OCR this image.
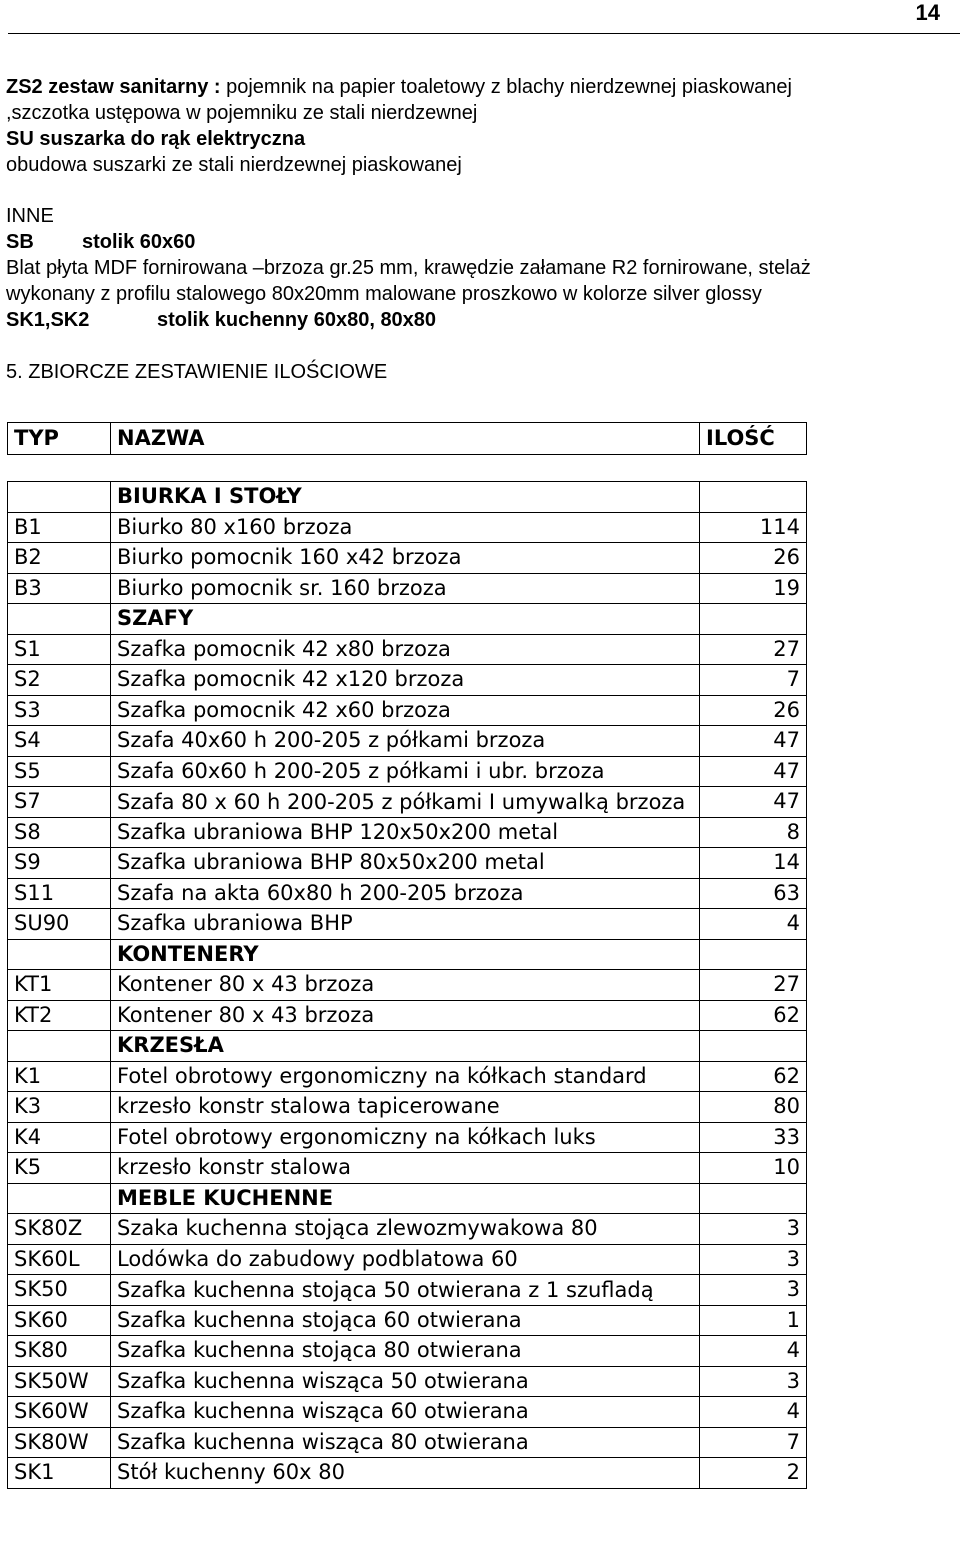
14

ZS2 zestaw sanitarny : pojemnik na papier toaletowy z blachy nierdzewnej piaskowanej

,szczotka ustępowa w pojemniku ze stali nierdzewnej

SU suszarka do rąk elektryczna

obudowa suszarki ze stali nierdzewnej piaskowanej

INNE

SB stolik 60x60

Blat płyta MDF fornirowana –brzoza gr.25 mm, krawędzie załamane R2 fornirowane, stelaż

wykonany z profilu stalowego 80x20mm malowane proszkowo w kolorze silver glossy

SK1,SK2	stolik kuchenny 60x80, 80x80

5. ZBIORCZE ZESTAWIENIE ILOŚCIOWE

TYP	NAZWA	ILOŚĆ
	BIURKA I STOŁY	
B1	Biurko 80 x160 brzoza	114
B2	Biurko pomocnik 160 x42 brzoza	26
B3	Biurko pomocnik sr. 160 brzoza	19
	SZAFY	
S1	Szafka pomocnik 42 x80 brzoza	27
S2	Szafka pomocnik 42 x120 brzoza	7
S3	Szafka pomocnik 42 x60 brzoza	26
S4	Szafa 40x60 h 200-205 z półkami brzoza	47
S5	Szafa 60x60 h 200-205 z półkami i ubr. brzoza	47
S7	Szafa 80 x 60 h 200-205 z półkami I umywalką brzoza	47
S8	Szafka ubraniowa BHP 120x50x200 metal	8
S9	Szafka ubraniowa BHP 80x50x200 metal	14
S11	Szafa na akta 60x80 h 200-205 brzoza	63
SU90	Szafka ubraniowa BHP	4
	KONTENERY	
KT1	Kontener 80 x 43 brzoza	27
KT2	Kontener 80 x 43 brzoza	62
	KRZESŁA	
K1	Fotel obrotowy ergonomiczny na kółkach standard	62
K3	krzesło konstr stalowa tapicerowane	80
K4	Fotel obrotowy ergonomiczny na kółkach luks	33
K5	krzesło konstr stalowa	10
	MEBLE KUCHENNE	
SK80Z	Szaka kuchenna stojąca zlewozmywakowa 80	3
SK60L	Lodówka do zabudowy podblatowa 60	3
SK50	Szafka kuchenna stojąca 50 otwierana z 1 szufladą	3
SK60	Szafka kuchenna stojąca 60 otwierana	1
SK80	Szafka kuchenna stojąca 80 otwierana	4
SK50W	Szafka kuchenna wisząca 50 otwierana	3
SK60W	Szafka kuchenna wisząca 60 otwierana	4
SK80W	Szafka kuchenna wisząca 80 otwierana	7
SK1	Stół kuchenny 60x 80	2
